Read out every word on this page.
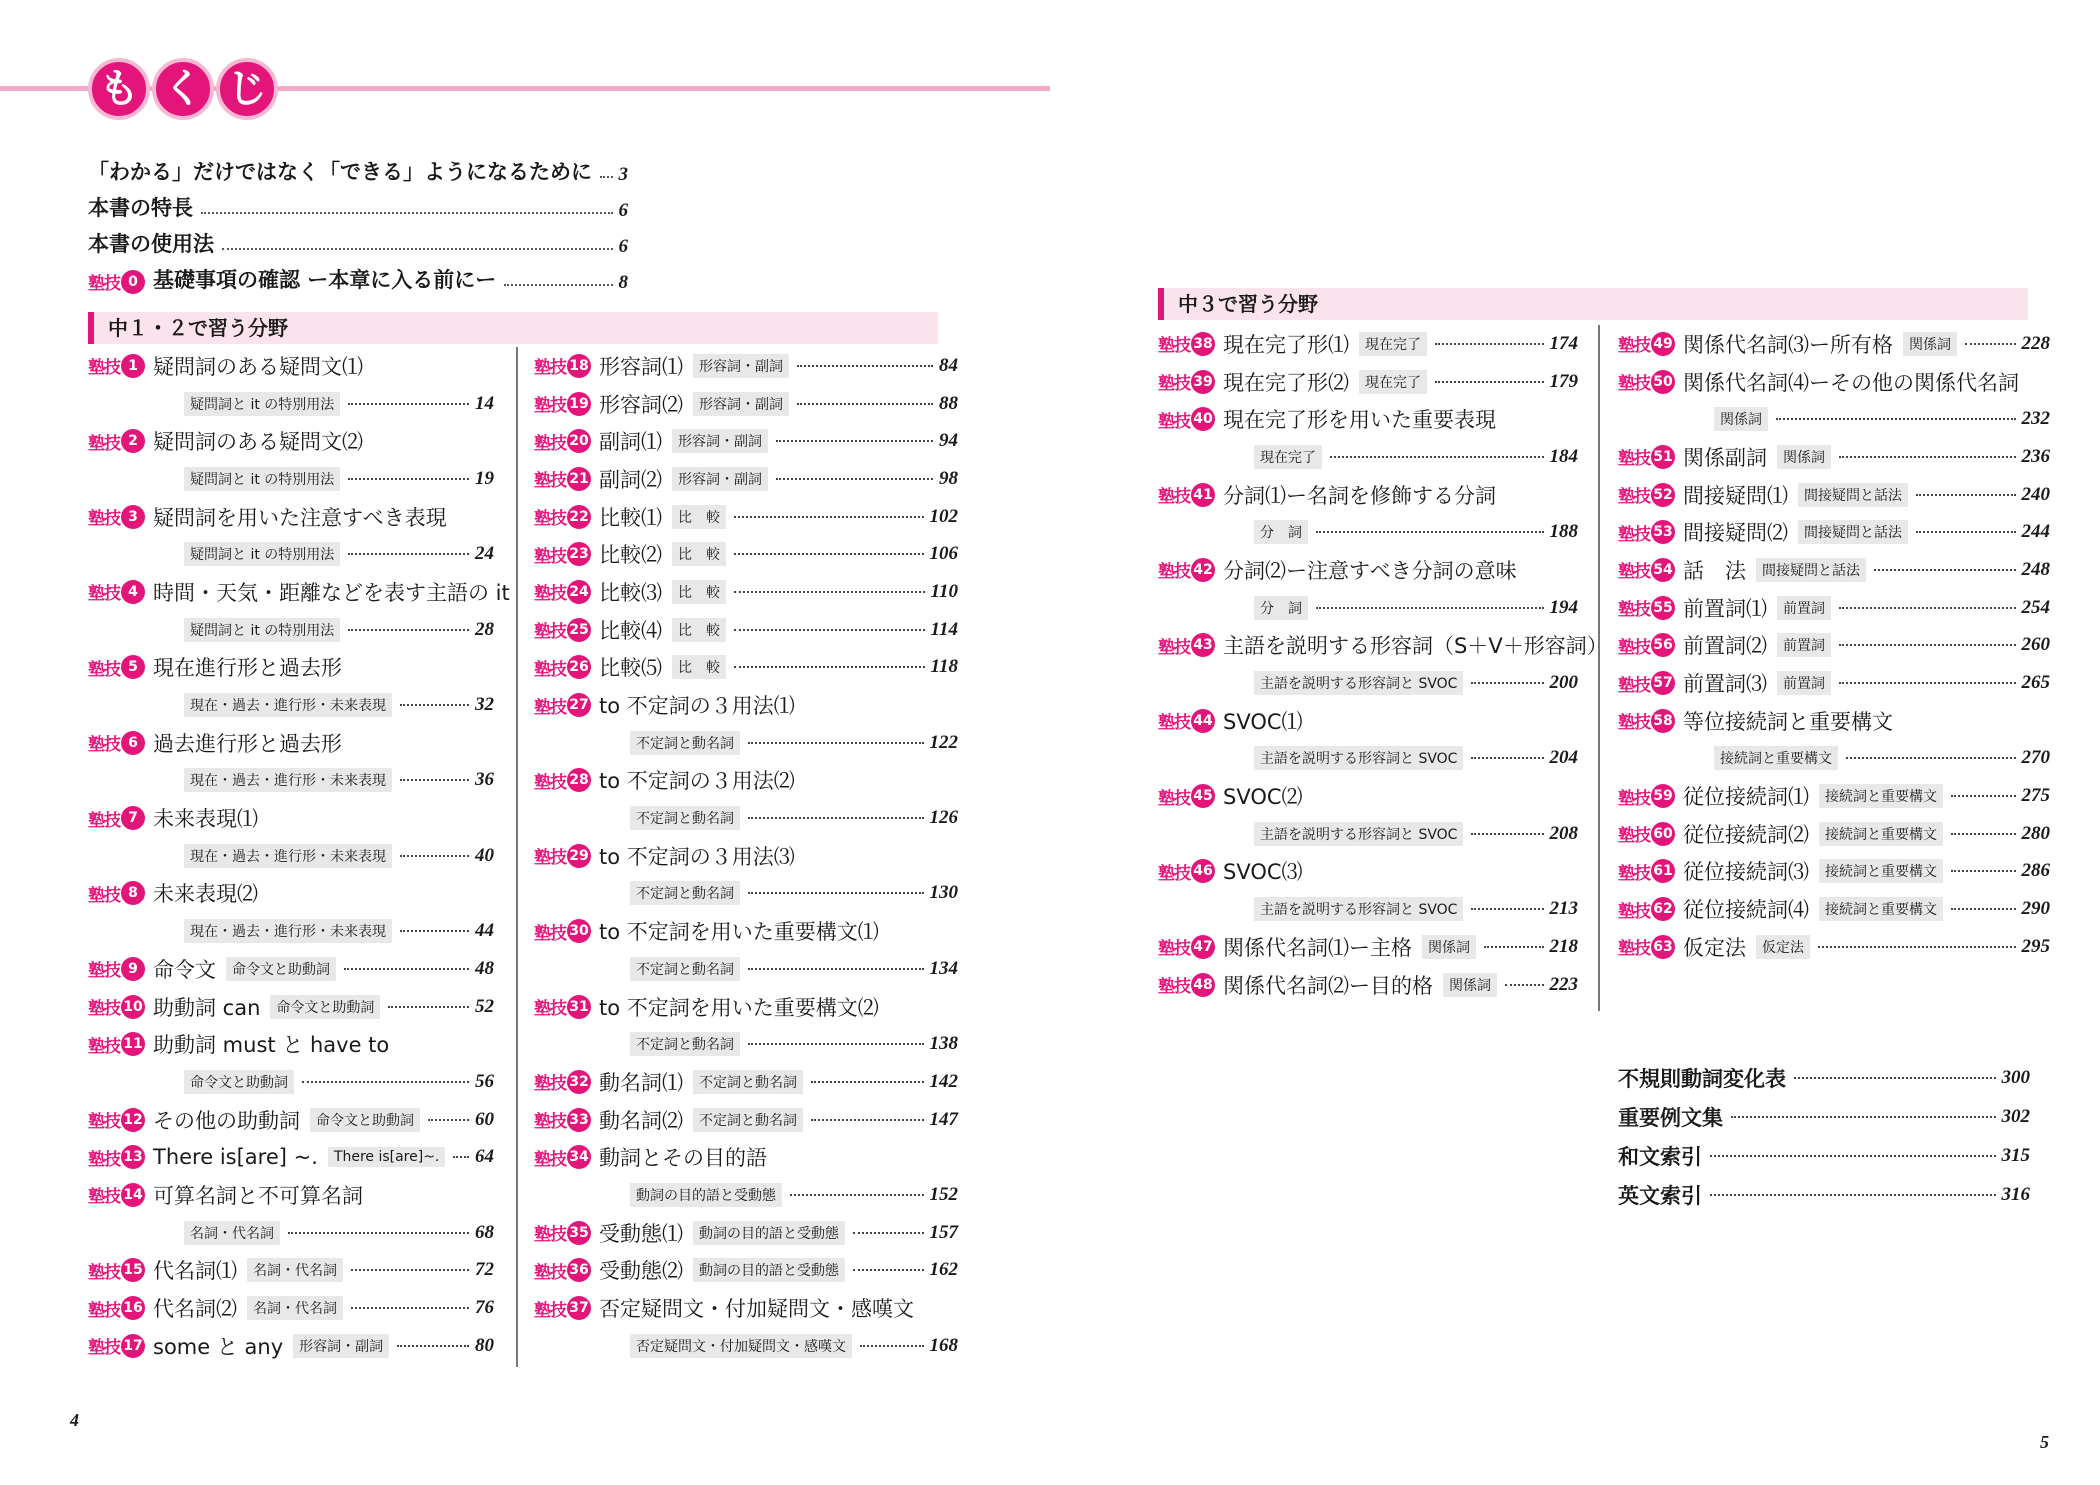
も く じ
「わかる」だけではなく「できる」ようになるために 3
本書の特長	6
本書の使用法	6
塾技 0 基礎事項の確認 ー本章に入る前にー	8
中１・２で習う分野
中３で習う分野
塾技 1 疑問詞のある疑問文⑴
疑問詞と it の特別用法	14
塾技 2 疑問詞のある疑問文⑵
疑問詞と it の特別用法	19
塾技 3 疑問詞を用いた注意すべき表現
疑問詞と it の特別用法	24
塾技 4 時間・天気・距離などを表す主語の it
疑問詞と it の特別用法	28
塾技 5 現在進行形と過去形
現在・過去・進行形・未来表現	32
塾技 6 過去進行形と過去形
現在・過去・進行形・未来表現	36
塾技 7 未来表現⑴
現在・過去・進行形・未来表現	40
塾技 8 未来表現⑵
現在・過去・進行形・未来表現	44
塾技 9 命令文	命令文と助動詞	48
塾技 10 助動詞 can	命令文と助動詞	52
塾技 11 助動詞 must と have to
命令文と助動詞	56
塾技 12 その他の助動詞	命令文と助動詞	60
塾技 13 There is[are] ~.	There is[are]~.	64
塾技 14 可算名詞と不可算名詞
名詞・代名詞	68
塾技 15 代名詞⑴	名詞・代名詞	72
塾技 16 代名詞⑵	名詞・代名詞	76
塾技 17 some と any	形容詞・副詞	80
塾技 18 形容詞⑴	形容詞・副詞	84
塾技 19 形容詞⑵	形容詞・副詞	88
塾技 20 副詞⑴	形容詞・副詞	94
塾技 21 副詞⑵	形容詞・副詞	98
塾技 22 比較⑴	比　較	102
塾技 23 比較⑵	比　較	106
塾技 24 比較⑶	比　較	110
塾技 25 比較⑷	比　較	114
塾技 26 比較⑸	比　較	118
塾技 27 to 不定詞の３用法⑴
不定詞と動名詞	122
塾技 28 to 不定詞の３用法⑵
不定詞と動名詞	126
塾技 29 to 不定詞の３用法⑶
不定詞と動名詞	130
塾技 30 to 不定詞を用いた重要構文⑴
不定詞と動名詞	134
塾技 31 to 不定詞を用いた重要構文⑵
不定詞と動名詞	138
塾技 32 動名詞⑴	不定詞と動名詞	142
塾技 33 動名詞⑵	不定詞と動名詞	147
塾技 34 動詞とその目的語
動詞の目的語と受動態	152
塾技 35 受動態⑴	動詞の目的語と受動態	157
塾技 36 受動態⑵	動詞の目的語と受動態	162
塾技 37 否定疑問文・付加疑問文・感嘆文
否定疑問文・付加疑問文・感嘆文	168
塾技 38 現在完了形⑴	現在完了	174
塾技 39 現在完了形⑵	現在完了	179
塾技 40 現在完了形を用いた重要表現
現在完了	184
塾技 41 分詞⑴ー名詞を修飾する分詞
分　詞	188
塾技 42 分詞⑵ー注意すべき分詞の意味
分　詞	194
塾技 43 主語を説明する形容詞（S＋V＋形容詞）
主語を説明する形容詞と SVOC	200
塾技 44 SVOC⑴
主語を説明する形容詞と SVOC	204
塾技 45 SVOC⑵
主語を説明する形容詞と SVOC	208
塾技 46 SVOC⑶
主語を説明する形容詞と SVOC	213
塾技 47 関係代名詞⑴ー主格	関係詞	218
塾技 48 関係代名詞⑵ー目的格	関係詞	223
塾技 49 関係代名詞⑶ー所有格	関係詞	228
塾技 50 関係代名詞⑷ーその他の関係代名詞
関係詞	232
塾技 51 関係副詞	関係詞	236
塾技 52 間接疑問⑴	間接疑問と話法	240
塾技 53 間接疑問⑵	間接疑問と話法	244
塾技 54 話　法	間接疑問と話法	248
塾技 55 前置詞⑴	前置詞	254
塾技 56 前置詞⑵	前置詞	260
塾技 57 前置詞⑶	前置詞	265
塾技 58 等位接続詞と重要構文
接続詞と重要構文	270
塾技 59 従位接続詞⑴	接続詞と重要構文	275
塾技 60 従位接続詞⑵	接続詞と重要構文	280
塾技 61 従位接続詞⑶	接続詞と重要構文	286
塾技 62 従位接続詞⑷	接続詞と重要構文	290
塾技 63 仮定法	仮定法	295
不規則動詞変化表	300
重要例文集	302
和文索引	315
英文索引	316
4
5
